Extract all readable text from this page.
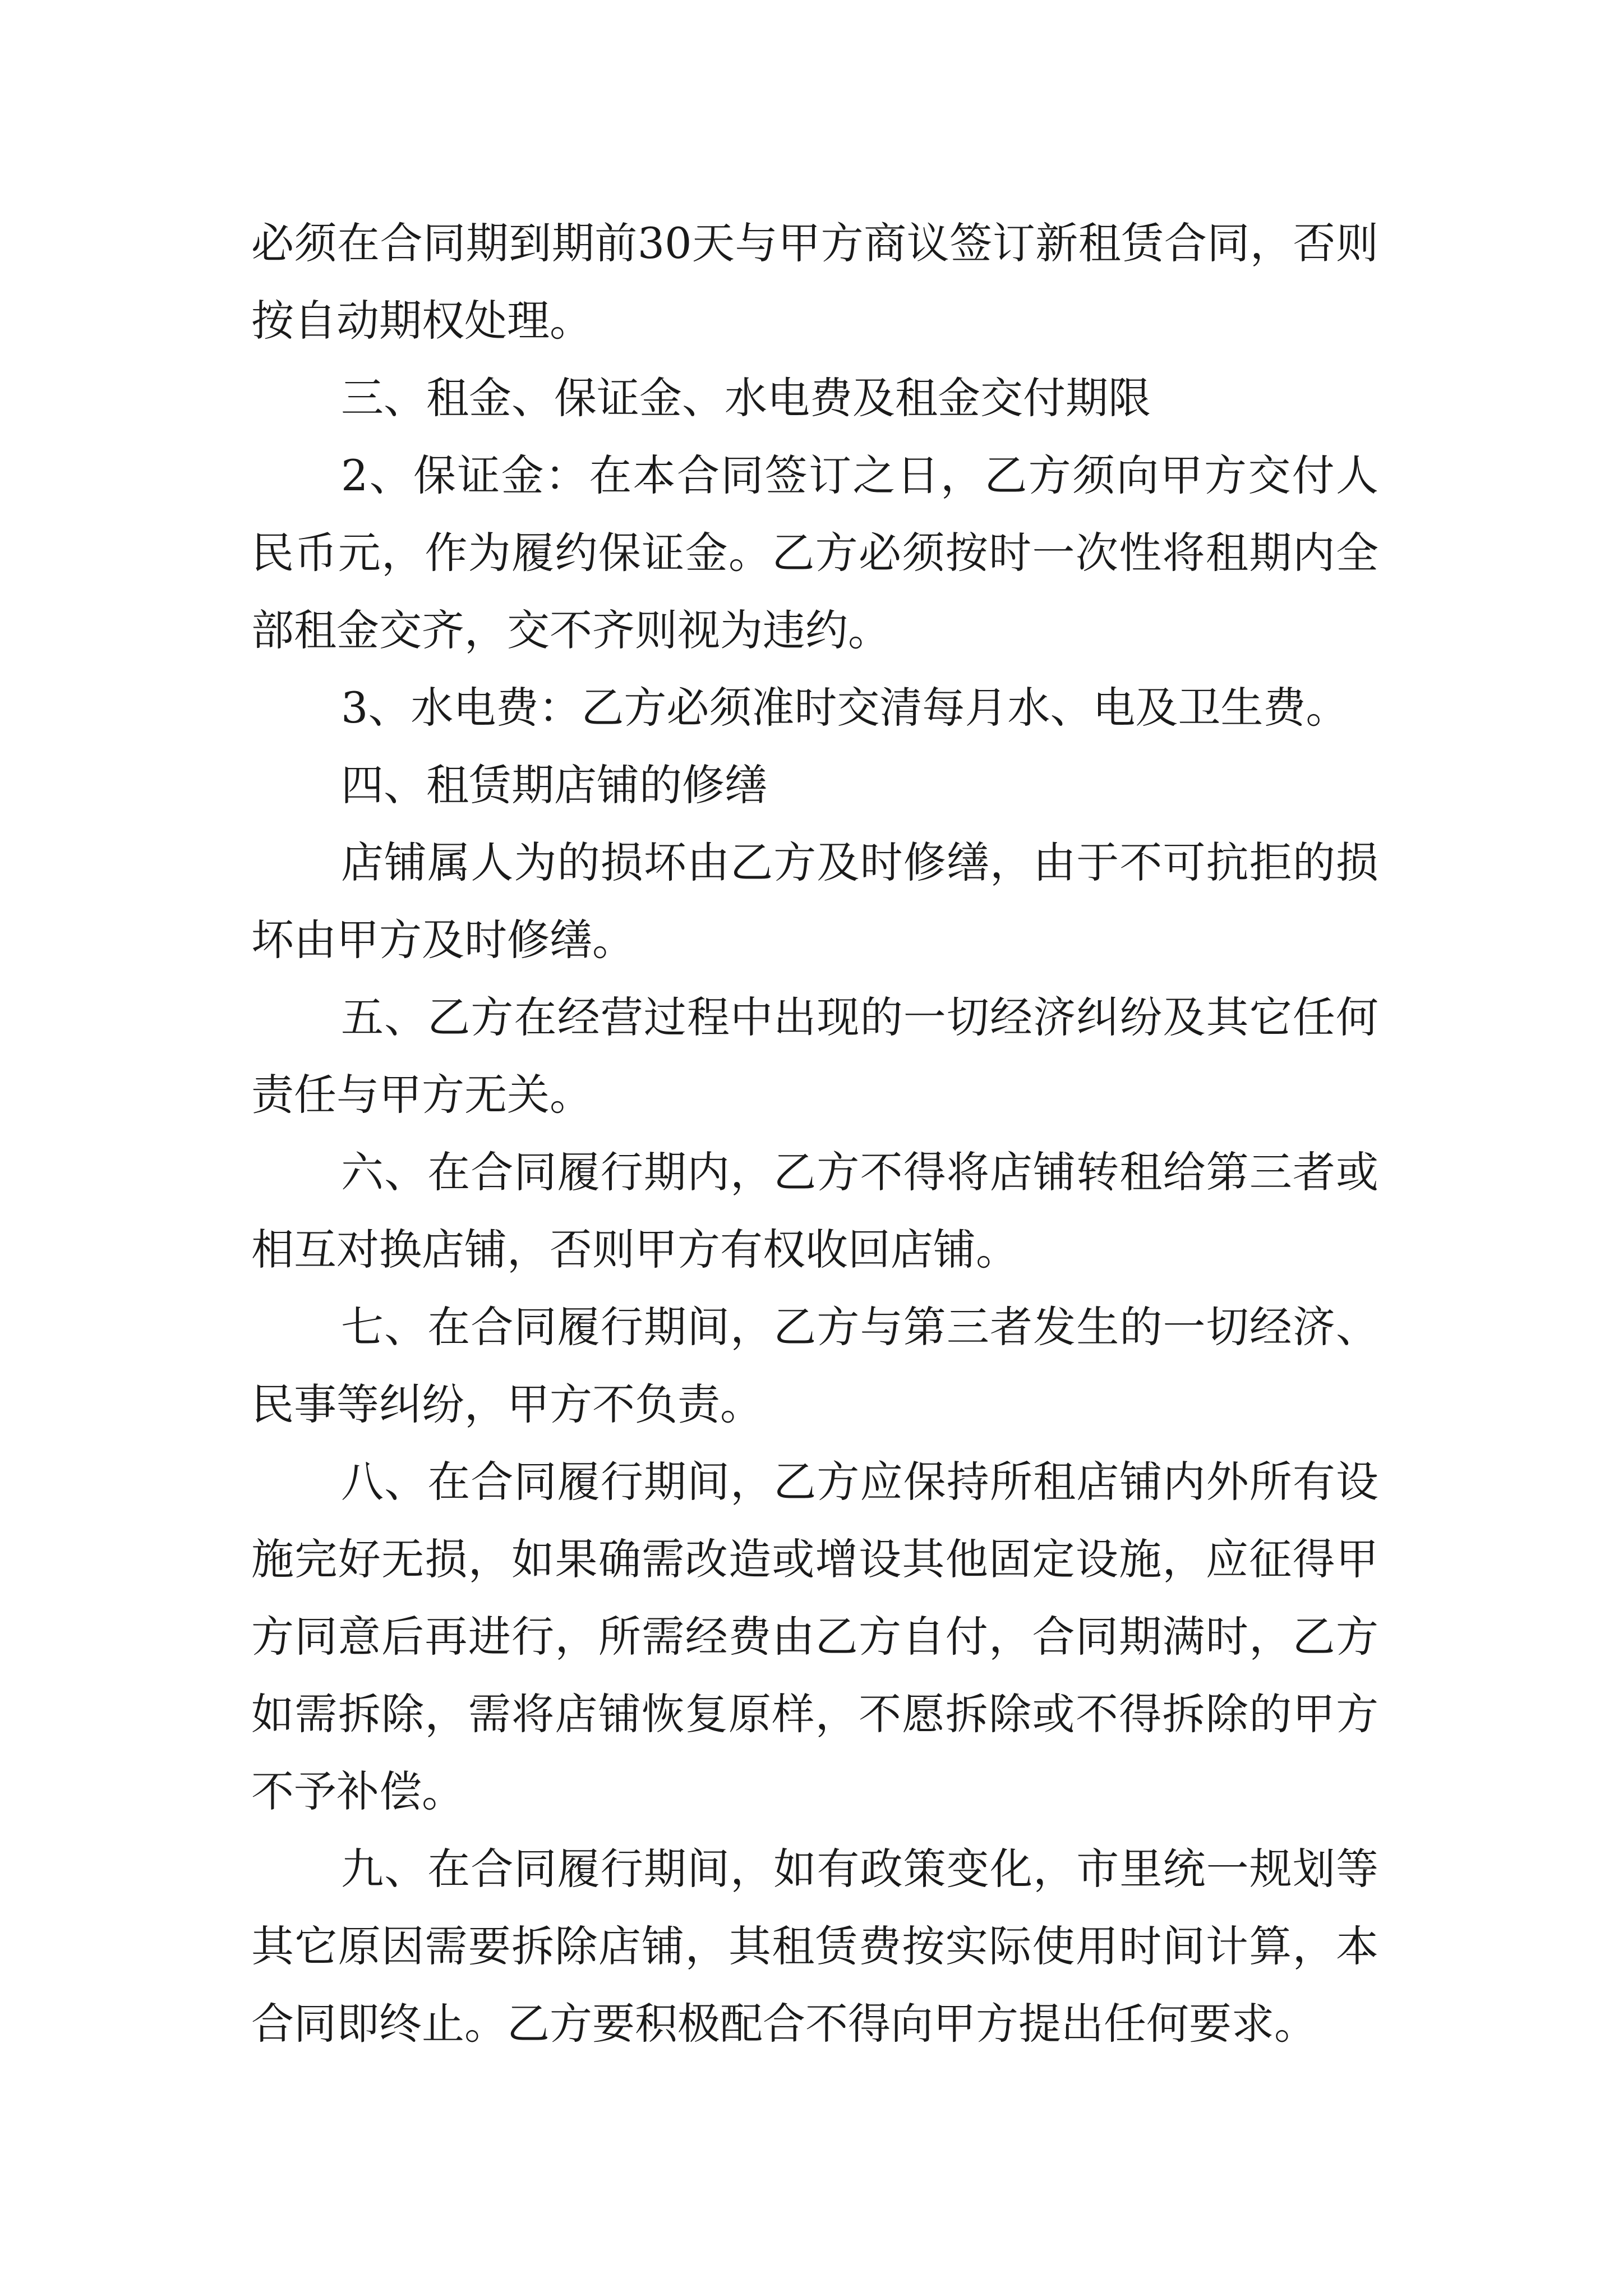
必须在合同期到期前30天与甲方商议签订新租赁合同，否则按自动期权处理。

三、租金、保证金、水电费及租金交付期限

2、保证金：在本合同签订之日，乙方须向甲方交付人民币元，作为履约保证金。乙方必须按时一次性将租期内全部租金交齐，交不齐则视为违约。

3、水电费：乙方必须准时交清每月水、电及卫生费。

四、租赁期店铺的修缮

店铺属人为的损坏由乙方及时修缮，由于不可抗拒的损坏由甲方及时修缮。

五、乙方在经营过程中出现的一切经济纠纷及其它任何责任与甲方无关。

六、在合同履行期内，乙方不得将店铺转租给第三者或相互对换店铺，否则甲方有权收回店铺。

七、在合同履行期间，乙方与第三者发生的一切经济、民事等纠纷，甲方不负责。

八、在合同履行期间，乙方应保持所租店铺内外所有设施完好无损，如果确需改造或增设其他固定设施，应征得甲方同意后再进行，所需经费由乙方自付，合同期满时，乙方如需拆除，需将店铺恢复原样，不愿拆除或不得拆除的甲方不予补偿。

九、在合同履行期间，如有政策变化，市里统一规划等其它原因需要拆除店铺，其租赁费按实际使用时间计算，本合同即终止。乙方要积极配合不得向甲方提出任何要求。
